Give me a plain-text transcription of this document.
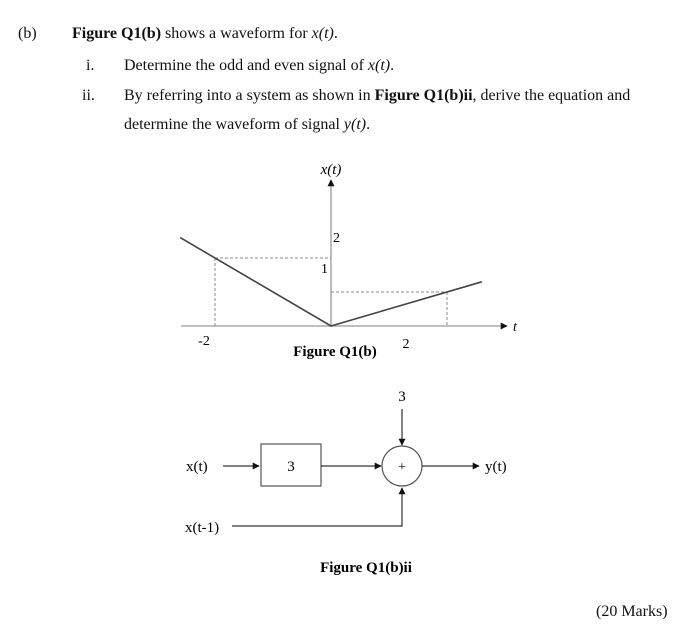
(b) Figure Q1(b) shows a waveform for x(t).
i. Determine the odd and even signal of x(t).
ii. By referring into a system as shown in Figure Q1(b)ii, derive the equation and
determine the waveform of signal y(t).
x(t)
t
-2	2
1
2
Figure Q1(b)
x(t)	3	+
3
y(t)
x(t-1)
Figure Q1(b)ii
(20 Marks)
